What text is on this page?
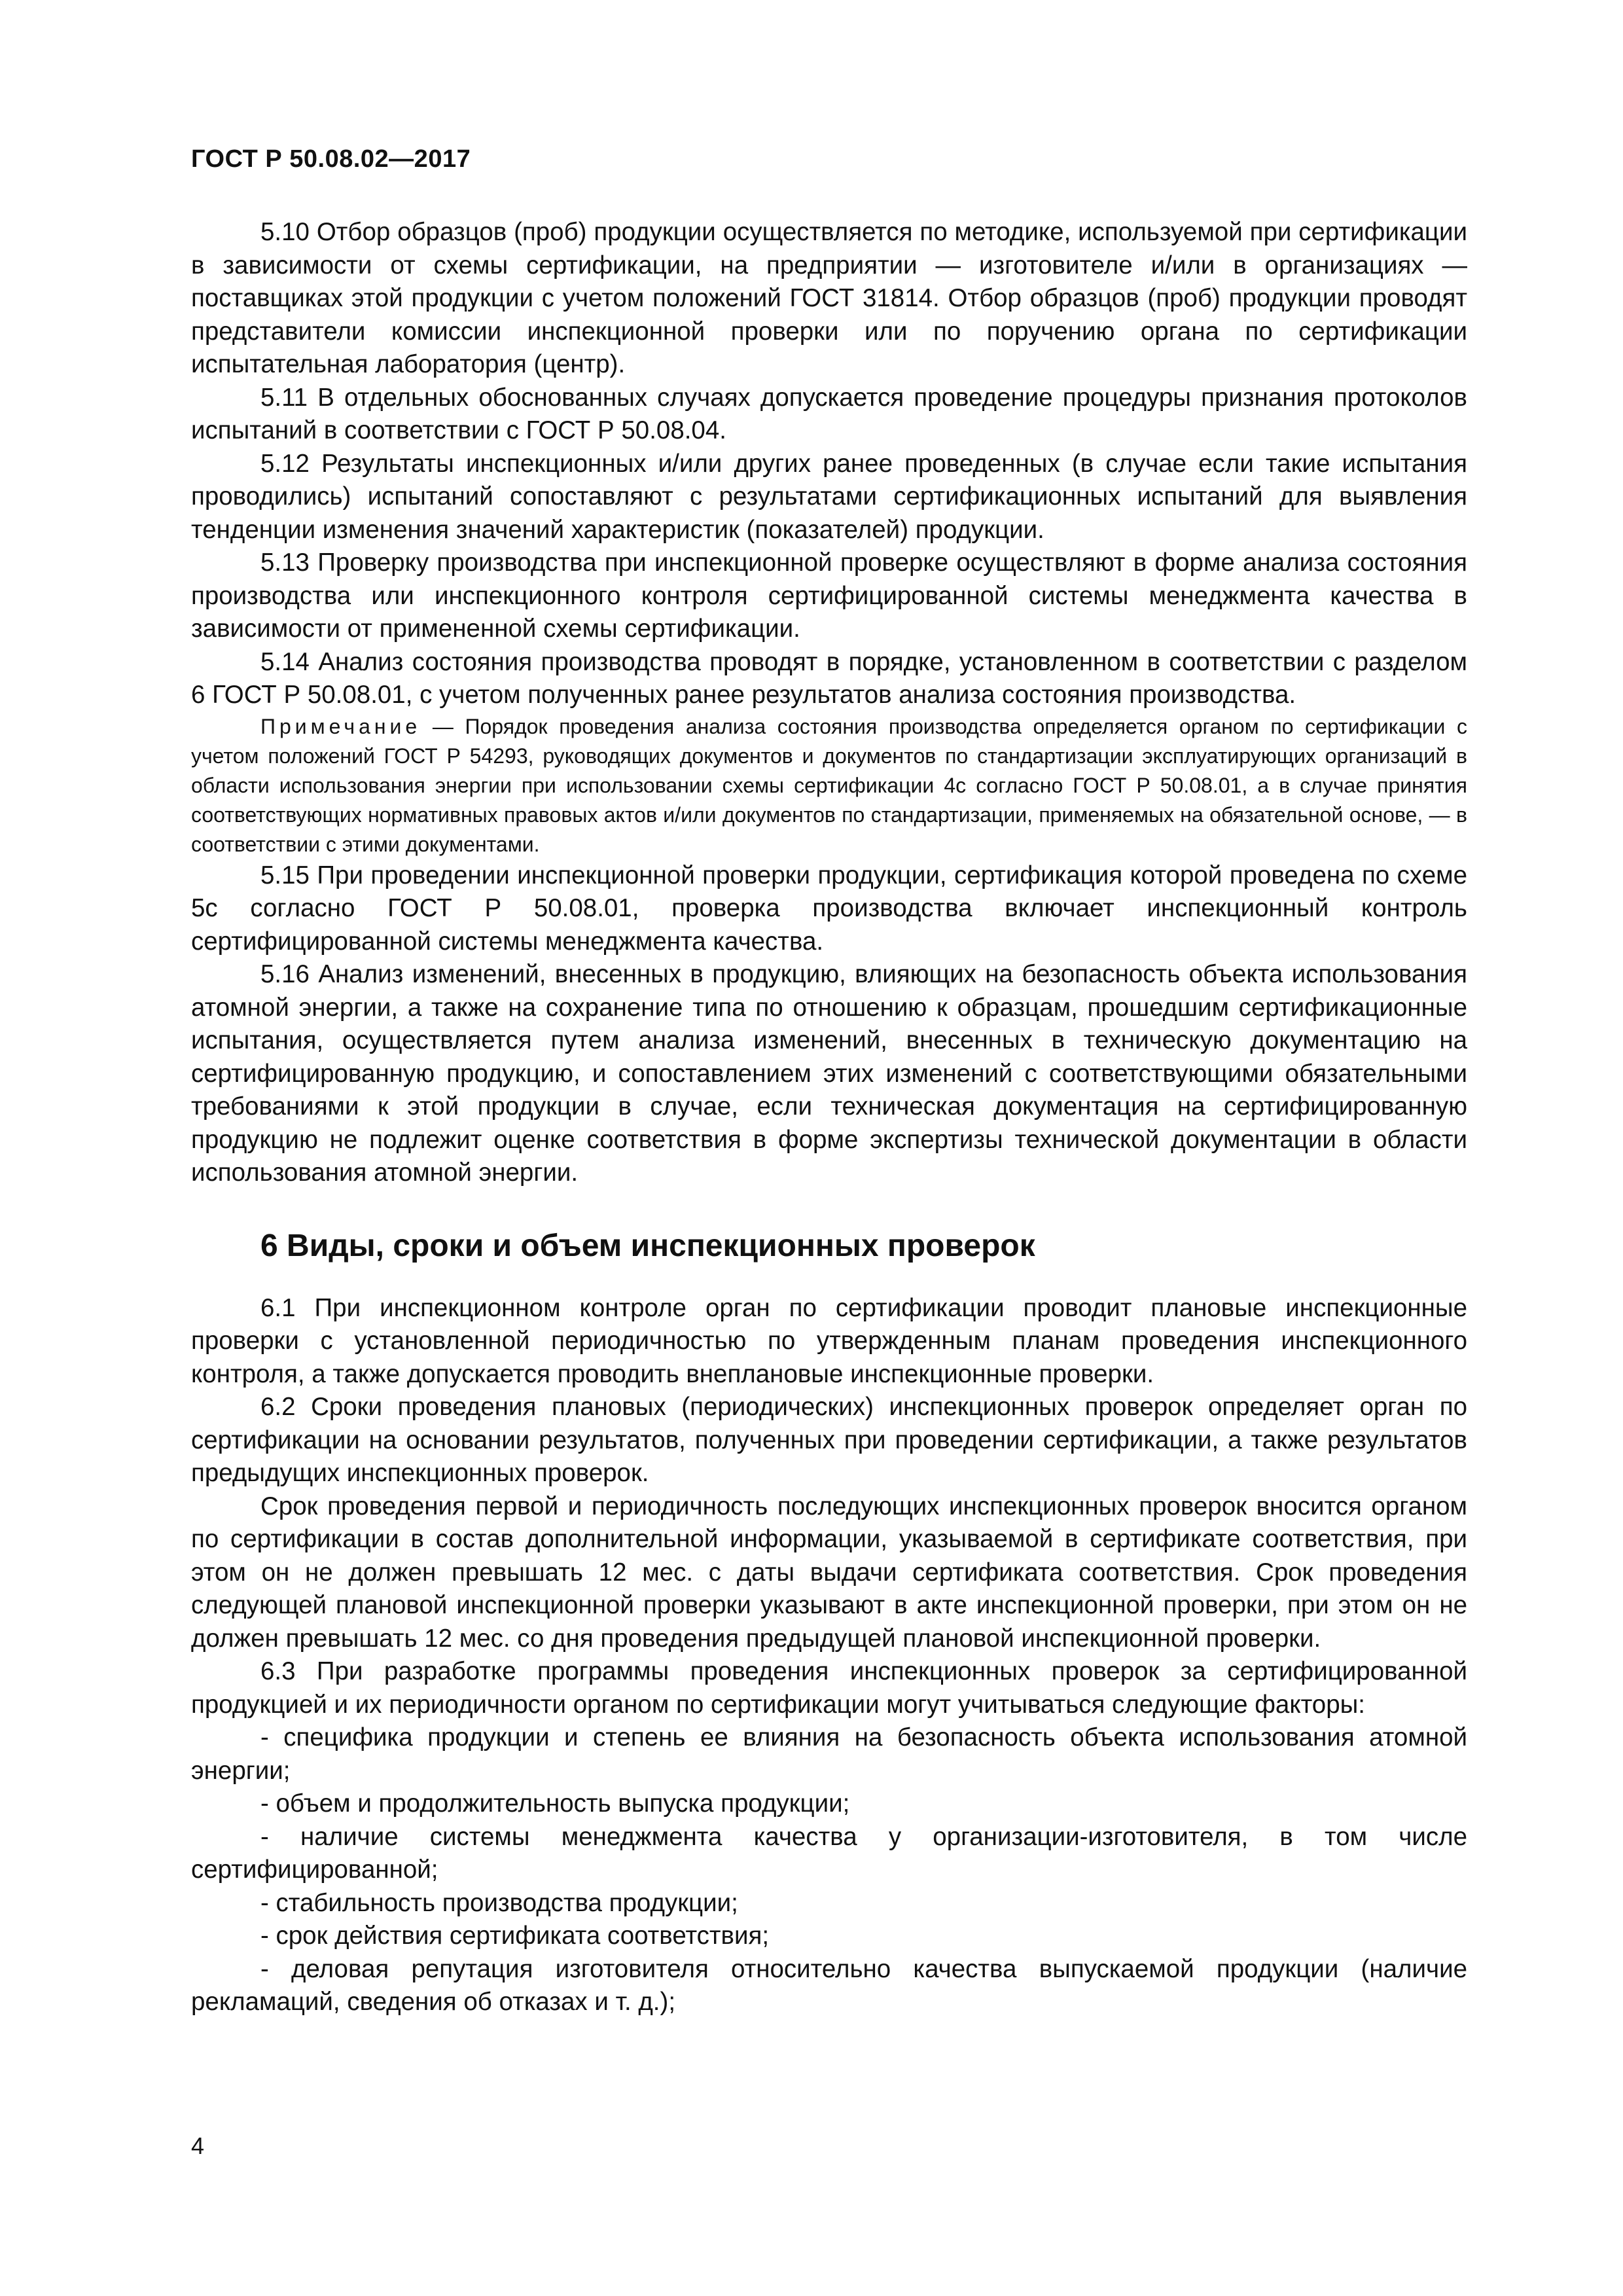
ГОСТ Р 50.08.02—2017

5.10 Отбор образцов (проб) продукции осуществляется по методике, используемой при сертификации в зависимости от схемы сертификации, на предприятии — изготовителе и/или в организациях — поставщиках этой продукции с учетом положений ГОСТ 31814. Отбор образцов (проб) продукции проводят представители комиссии инспекционной проверки или по поручению органа по сертификации испытательная лаборатория (центр).

5.11 В отдельных обоснованных случаях допускается проведение процедуры признания протоколов испытаний в соответствии с ГОСТ Р 50.08.04.

5.12 Результаты инспекционных и/или других ранее проведенных (в случае если такие испытания проводились) испытаний сопоставляют с результатами сертификационных испытаний для выявления тенденции изменения значений характеристик (показателей) продукции.

5.13 Проверку производства при инспекционной проверке осуществляют в форме анализа состояния производства или инспекционного контроля сертифицированной системы менеджмента качества в зависимости от примененной схемы сертификации.

5.14 Анализ состояния производства проводят в порядке, установленном в соответствии с разделом 6 ГОСТ Р 50.08.01, с учетом полученных ранее результатов анализа состояния производства.

Примечание — Порядок проведения анализа состояния производства определяется органом по сертификации с учетом положений ГОСТ Р 54293, руководящих документов и документов по стандартизации эксплуатирующих организаций в области использования энергии при использовании схемы сертификации 4с согласно ГОСТ Р 50.08.01, а в случае принятия соответствующих нормативных правовых актов и/или документов по стандартизации, применяемых на обязательной основе, — в соответствии с этими документами.

5.15 При проведении инспекционной проверки продукции, сертификация которой проведена по схеме 5с согласно ГОСТ Р 50.08.01, проверка производства включает инспекционный контроль сертифицированной системы менеджмента качества.

5.16 Анализ изменений, внесенных в продукцию, влияющих на безопасность объекта использования атомной энергии, а также на сохранение типа по отношению к образцам, прошедшим сертификационные испытания, осуществляется путем анализа изменений, внесенных в техническую документацию на сертифицированную продукцию, и сопоставлением этих изменений с соответствующими обязательными требованиями к этой продукции в случае, если техническая документация на сертифицированную продукцию не подлежит оценке соответствия в форме экспертизы технической документации в области использования атомной энергии.

6 Виды, сроки и объем инспекционных проверок

6.1 При инспекционном контроле орган по сертификации проводит плановые инспекционные проверки с установленной периодичностью по утвержденным планам проведения инспекционного контроля, а также допускается проводить внеплановые инспекционные проверки.

6.2 Сроки проведения плановых (периодических) инспекционных проверок определяет орган по сертификации на основании результатов, полученных при проведении сертификации, а также результатов предыдущих инспекционных проверок.

Срок проведения первой и периодичность последующих инспекционных проверок вносится органом по сертификации в состав дополнительной информации, указываемой в сертификате соответствия, при этом он не должен превышать 12 мес. с даты выдачи сертификата соответствия. Срок проведения следующей плановой инспекционной проверки указывают в акте инспекционной проверки, при этом он не должен превышать 12 мес. со дня проведения предыдущей плановой инспекционной проверки.

6.3 При разработке программы проведения инспекционных проверок за сертифицированной продукцией и их периодичности органом по сертификации могут учитываться следующие факторы:

- специфика продукции и степень ее влияния на безопасность объекта использования атомной энергии;

- объем и продолжительность выпуска продукции;

- наличие системы менеджмента качества у организации-изготовителя, в том числе сертифицированной;

- стабильность производства продукции;

- срок действия сертификата соответствия;

- деловая репутация изготовителя относительно качества выпускаемой продукции (наличие рекламаций, сведения об отказах и т. д.);

4
